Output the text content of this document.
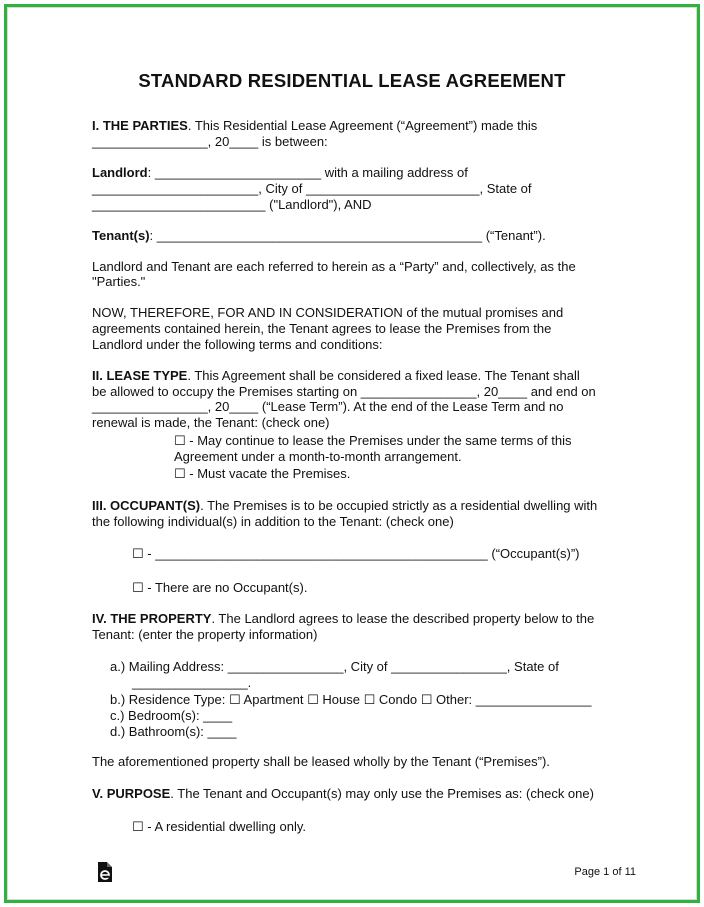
STANDARD RESIDENTIAL LEASE AGREEMENT
I. THE PARTIES. This Residential Lease Agreement (“Agreement”) made this
________________, 20____ is between:
Landlord: _______________________ with a mailing address of
_______________________, City of ________________________, State of
________________________ ("Landlord"), AND
Tenant(s): _____________________________________________ (“Tenant”).
Landlord and Tenant are each referred to herein as a “Party” and, collectively, as the
"Parties."
NOW, THEREFORE, FOR AND IN CONSIDERATION of the mutual promises and
agreements contained herein, the Tenant agrees to lease the Premises from the
Landlord under the following terms and conditions:
II. LEASE TYPE. This Agreement shall be considered a fixed lease. The Tenant shall
be allowed to occupy the Premises starting on ________________, 20____ and end on
________________, 20____ (“Lease Term”). At the end of the Lease Term and no
renewal is made, the Tenant: (check one)
☐ - May continue to lease the Premises under the same terms of this
Agreement under a month-to-month arrangement.
☐ - Must vacate the Premises.
III. OCCUPANT(S). The Premises is to be occupied strictly as a residential dwelling with
the following individual(s) in addition to the Tenant: (check one)
☐ - ______________________________________________ (“Occupant(s)”)
☐ - There are no Occupant(s).
IV. THE PROPERTY. The Landlord agrees to lease the described property below to the
Tenant: (enter the property information)
a.) Mailing Address: ________________, City of ________________, State of
________________.
b.) Residence Type: ☐ Apartment ☐ House ☐ Condo ☐ Other: ________________
c.) Bedroom(s): ____
d.) Bathroom(s): ____
The aforementioned property shall be leased wholly by the Tenant (“Premises”).
V. PURPOSE. The Tenant and Occupant(s) may only use the Premises as: (check one)
☐ - A residential dwelling only.
Page 1 of 11
